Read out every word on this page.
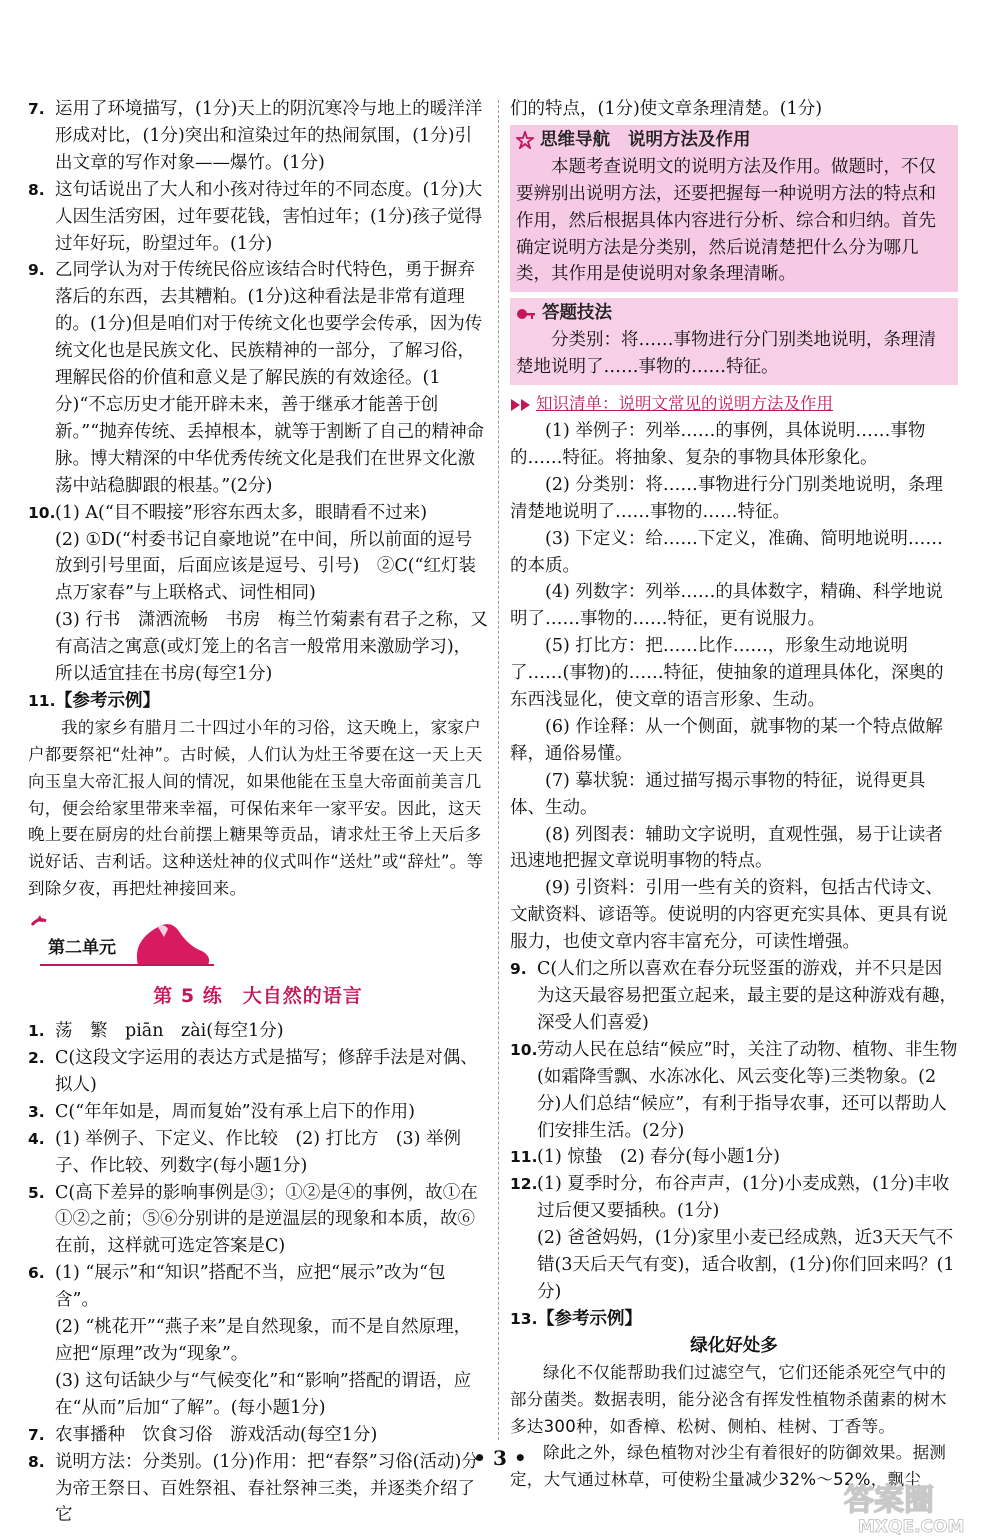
7. 运用了环境描写，(1分)天上的阴沉寒冷与地上的暖洋洋形成对比，(1分)突出和渲染过年的热闹氛围，(1分)引出文章的写作对象——爆竹。(1分)

8. 这句话说出了大人和小孩对待过年的不同态度。(1分)大人因生活穷困，过年要花钱，害怕过年；(1分)孩子觉得过年好玩，盼望过年。(1分)

9. 乙同学认为对于传统民俗应该结合时代特色，勇于摒弃落后的东西，去其糟粕。(1分)这种看法是非常有道理的。(1分)但是咱们对于传统文化也要学会传承，因为传统文化也是民族文化、民族精神的一部分，了解习俗，理解民俗的价值和意义是了解民族的有效途径。(1分)“不忘历史才能开辟未来，善于继承才能善于创新。”“抛弃传统、丢掉根本，就等于割断了自己的精神命脉。博大精深的中华优秀传统文化是我们在世界文化激荡中站稳脚跟的根基。”(2分)

10. (1) A(“目不暇接”形容东西太多，眼睛看不过来)

(2) ①D(“村委书记自豪地说”在中间，所以前面的逗号放到引号里面，后面应该是逗号、引号)　②C(“红灯装点万家春”与上联格式、词性相同)

(3) 行书　潇洒流畅　书房　梅兰竹菊素有君子之称，又有高洁之寓意(或灯笼上的名言一般常用来激励学习)，所以适宜挂在书房(每空1分)

11. 【参考示例】

我的家乡有腊月二十四过小年的习俗，这天晚上，家家户户都要祭祀“灶神”。古时候，人们认为灶王爷要在这一天上天向玉皇大帝汇报人间的情况，如果他能在玉皇大帝面前美言几句，便会给家里带来幸福，可保佑来年一家平安。因此，这天晚上要在厨房的灶台前摆上糖果等贡品，请求灶王爷上天后多说好话、吉利话。这种送灶神的仪式叫作“送灶”或“辞灶”。等到除夕夜，再把灶神接回来。

第二单元

第 5 练　大自然的语言

1. 荡　繁　piān　zài(每空1分)

2. C(这段文字运用的表达方式是描写；修辞手法是对偶、拟人)

3. C(“年年如是，周而复始”没有承上启下的作用)

4. (1) 举例子、下定义、作比较　(2) 打比方　(3) 举例子、作比较、列数字(每小题1分)

5. C(高下差异的影响事例是③；①②是④的事例，故①在①②之前；⑤⑥分别讲的是逆温层的现象和本质，故⑥在前，这样就可选定答案是C)

6. (1) “展示”和“知识”搭配不当，应把“展示”改为“包含”。

(2) “桃花开”“燕子来”是自然现象，而不是自然原理，应把“原理”改为“现象”。

(3) 这句话缺少与“气候变化”和“影响”搭配的谓语，应在“从而”后加“了解”。(每小题1分)

7. 农事播种　饮食习俗　游戏活动(每空1分)

8. 说明方法：分类别。(1分)作用：把“春祭”习俗(活动)分为帝王祭日、百姓祭祖、春社祭神三类，并逐类介绍了它

们的特点，(1分)使文章条理清楚。(1分)

思维导航 说明方法及作用

本题考查说明文的说明方法及作用。做题时，不仅要辨别出说明方法，还要把握每一种说明方法的特点和作用，然后根据具体内容进行分析、综合和归纳。首先确定说明方法是分类别，然后说清楚把什么分为哪几类，其作用是使说明对象条理清晰。

答题技法

分类别：将……事物进行分门别类地说明，条理清楚地说明了……事物的……特征。

知识清单：说明文常见的说明方法及作用

(1) 举例子：列举……的事例，具体说明……事物的……特征。将抽象、复杂的事物具体形象化。

(2) 分类别：将……事物进行分门别类地说明，条理清楚地说明了……事物的……特征。

(3) 下定义：给……下定义，准确、简明地说明……的本质。

(4) 列数字：列举……的具体数字，精确、科学地说明了……事物的……特征，更有说服力。

(5) 打比方：把……比作……，形象生动地说明了……(事物)的……特征，使抽象的道理具体化，深奥的东西浅显化，使文章的语言形象、生动。

(6) 作诠释：从一个侧面，就事物的某一个特点做解释，通俗易懂。

(7) 摹状貌：通过描写揭示事物的特征，说得更具体、生动。

(8) 列图表：辅助文字说明，直观性强，易于让读者迅速地把握文章说明事物的特点。

(9) 引资料：引用一些有关的资料，包括古代诗文、文献资料、谚语等。使说明的内容更充实具体、更具有说服力，也使文章内容丰富充分，可读性增强。

9. C(人们之所以喜欢在春分玩竖蛋的游戏，并不只是因为这天最容易把蛋立起来，最主要的是这种游戏有趣，深受人们喜爱)

10. 劳动人民在总结“候应”时，关注了动物、植物、非生物(如霜降雪飘、水冻冰化、风云变化等)三类物象。(2分)人们总结“候应”，有利于指导农事，还可以帮助人们安排生活。(2分)

11. (1) 惊蛰　(2) 春分(每小题1分)

12. (1) 夏季时分，布谷声声，(1分)小麦成熟，(1分)丰收过后便又要插秧。(1分)

(2) 爸爸妈妈，(1分)家里小麦已经成熟，近3天天气不错(3天后天气有变)，适合收割，(1分)你们回来吗？(1分)

13. 【参考示例】

绿化好处多

绿化不仅能帮助我们过滤空气，它们还能杀死空气中的部分菌类。数据表明，能分泌含有挥发性植物杀菌素的树木多达300种，如香樟、松树、侧柏、桂树、丁香等。

除此之外，绿色植物对沙尘有着很好的防御效果。据测定，大气通过林草，可使粉尘量减少32%～52%，飘尘

• 3 •
答案圈
MXQE.COM
